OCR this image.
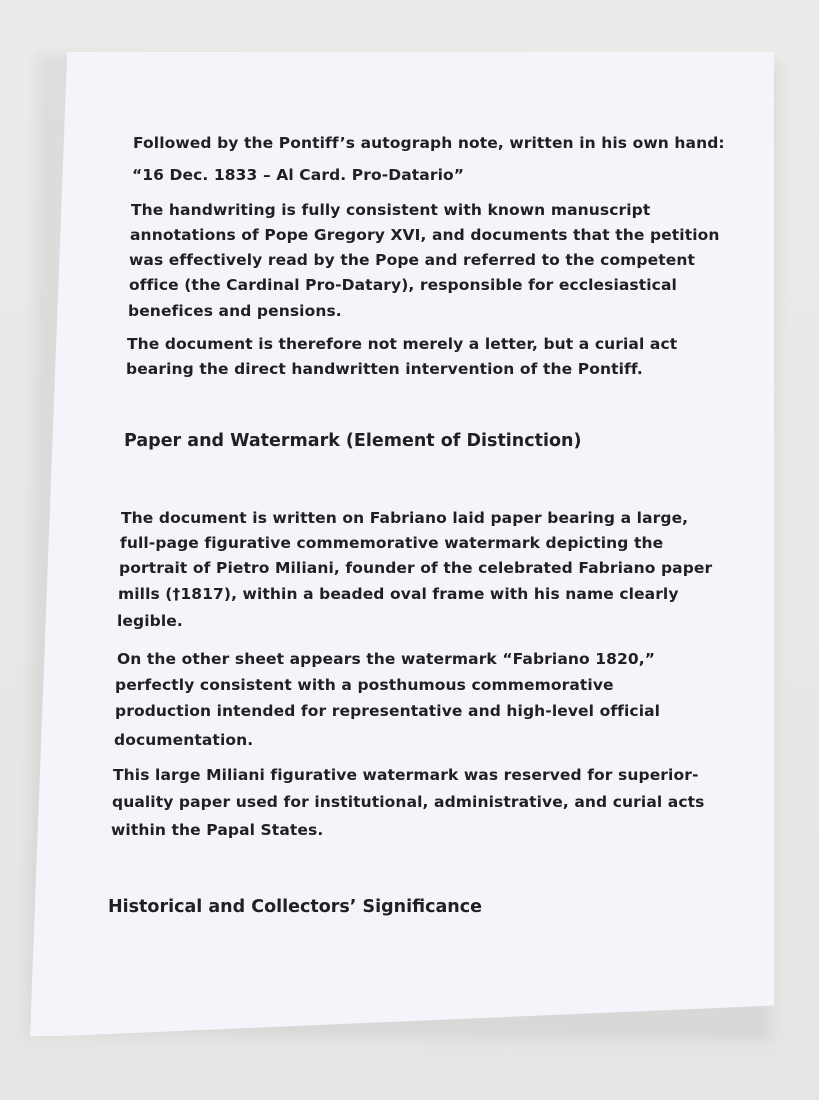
Followed by the Pontiff’s autograph note, written in his own hand:
“16 Dec. 1833 – Al Card. Pro-Datario”
The handwriting is fully consistent with known manuscript
annotations of Pope Gregory XVI, and documents that the petition
was effectively read by the Pope and referred to the competent
office (the Cardinal Pro-Datary), responsible for ecclesiastical
benefices and pensions.
The document is therefore not merely a letter, but a curial act
bearing the direct handwritten intervention of the Pontiff.
Paper and Watermark (Element of Distinction)
The document is written on Fabriano laid paper bearing a large,
full-page figurative commemorative watermark depicting the
portrait of Pietro Miliani, founder of the celebrated Fabriano paper
mills (†1817), within a beaded oval frame with his name clearly
legible.
On the other sheet appears the watermark “Fabriano 1820,”
perfectly consistent with a posthumous commemorative
production intended for representative and high-level official
documentation.
This large Miliani figurative watermark was reserved for superior-
quality paper used for institutional, administrative, and curial acts
within the Papal States.
Historical and Collectors’ Significance
